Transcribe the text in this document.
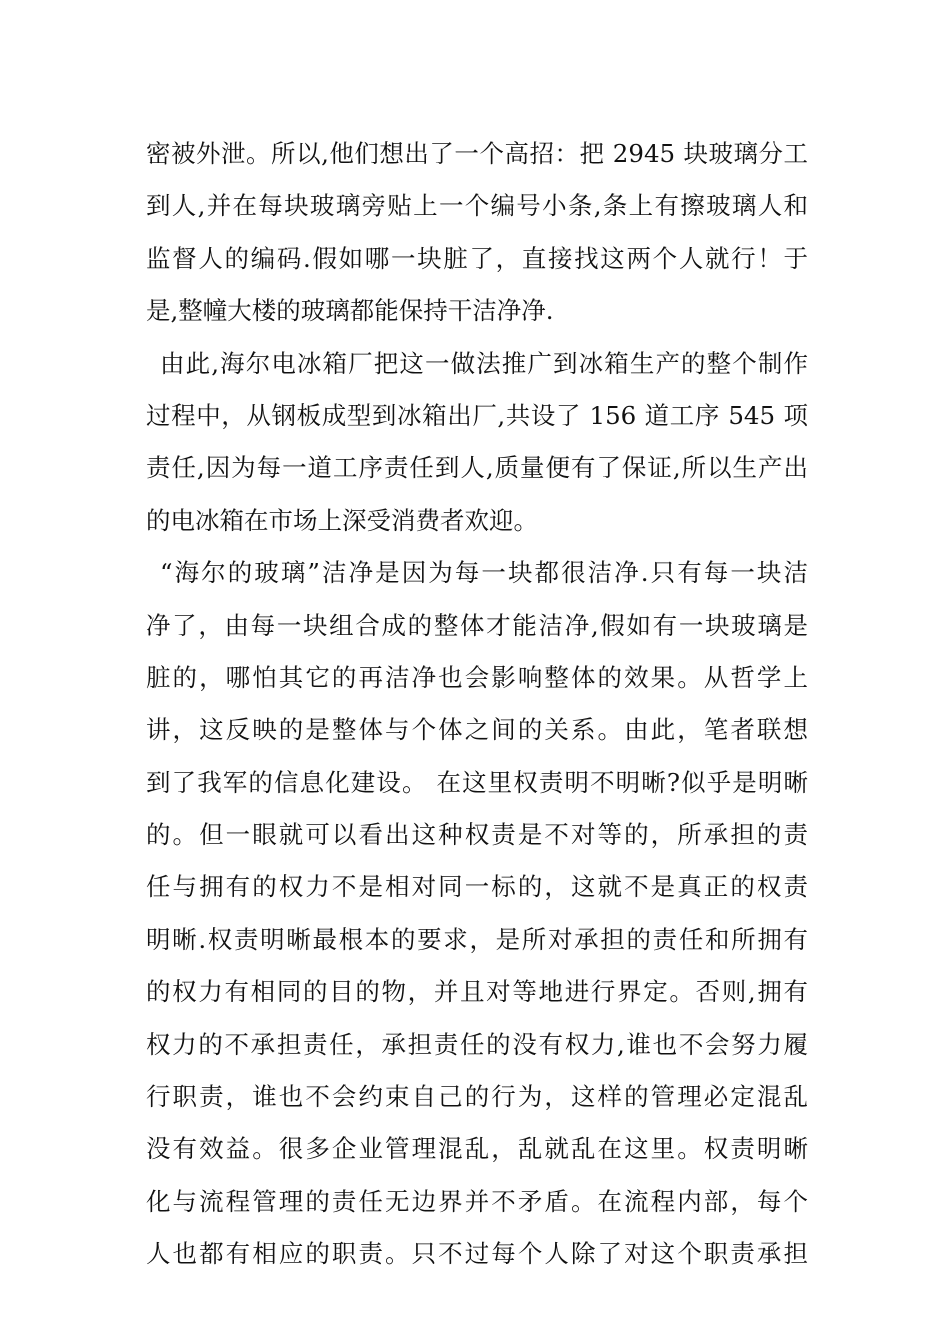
密被外泄。所以,他们想出了一个高招：把 2945 块玻璃分工
到人,并在每块玻璃旁贴上一个编号小条,条上有擦玻璃人和
监督人的编码.假如哪一块脏了，直接找这两个人就行！于
是,整幢大楼的玻璃都能保持干洁净净.
由此,海尔电冰箱厂把这一做法推广到冰箱生产的整个制作
过程中，从钢板成型到冰箱出厂,共设了 156 道工序 545 项
责任,因为每一道工序责任到人,质量便有了保证,所以生产出
的电冰箱在市场上深受消费者欢迎。
“海尔的玻璃”洁净是因为每一块都很洁净.只有每一块洁
净了，由每一块组合成的整体才能洁净,假如有一块玻璃是
脏的，哪怕其它的再洁净也会影响整体的效果。从哲学上
讲，这反映的是整体与个体之间的关系。由此，笔者联想
到了我军的信息化建设。 在这里权责明不明晰?似乎是明晰
的。但一眼就可以看出这种权责是不对等的，所承担的责
任与拥有的权力不是相对同一标的，这就不是真正的权责
明晰.权责明晰最根本的要求，是所对承担的责任和所拥有
的权力有相同的目的物，并且对等地进行界定。否则,拥有
权力的不承担责任，承担责任的没有权力,谁也不会努力履
行职责，谁也不会约束自己的行为，这样的管理必定混乱
没有效益。很多企业管理混乱，乱就乱在这里。权责明晰
化与流程管理的责任无边界并不矛盾。在流程内部，每个
人也都有相应的职责。只不过每个人除了对这个职责承担
